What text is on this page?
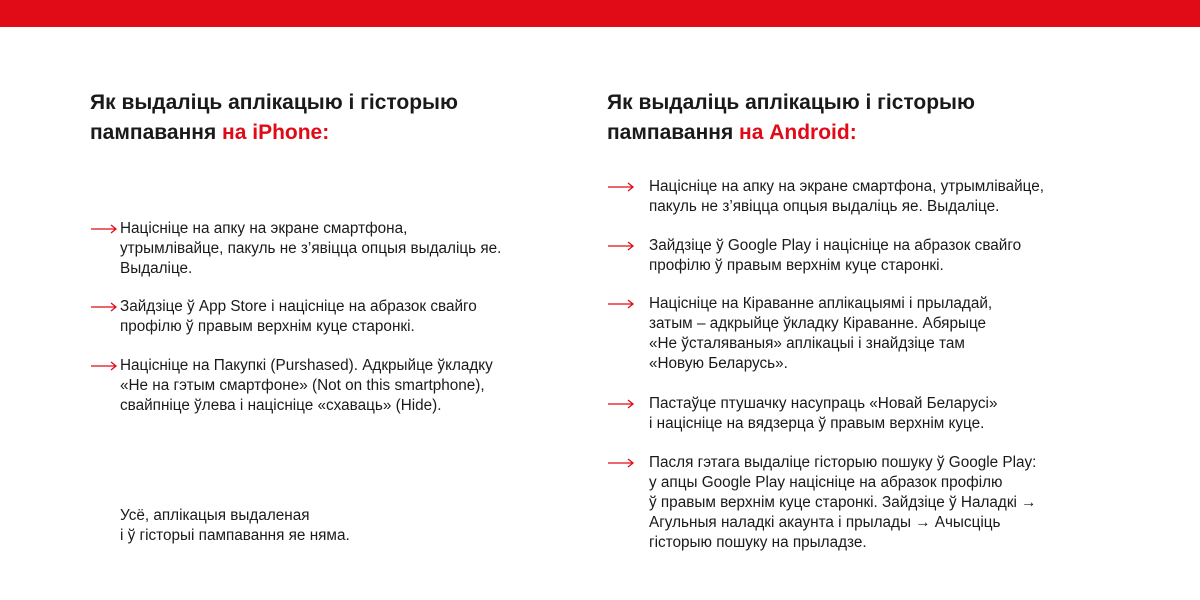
Як выдаліць аплікацыю і гісторыю
пампавання на iPhone:
Націсніце на апку на экране смартфона,
утрымлівайце, пакуль не з’явіцца опцыя выдаліць яе.
Выдаліце.
Зайдзіце ў App Store і націсніце на абразок свайго
профілю ў правым верхнім куце старонкі.
Націсніце на Пакупкі (Purshased). Адкрыйце ўкладку
«Не на гэтым смартфоне» (Not on this smartphone),
свайпніце ўлева і націсніце «схаваць» (Hide).
Усё, аплікацыя выдаленая
і ў гісторыі пампавання яе няма.
Як выдаліць аплікацыю і гісторыю
пампавання на Android:
Націсніце на апку на экране смартфона, утрымлівайце,
пакуль не з’явіцца опцыя выдаліць яе. Выдаліце.
Зайдзіце ў Google Play і націсніце на абразок свайго
профілю ў правым верхнім куце старонкі.
Націсніце на Кіраванне аплікацыямі і прыладай,
затым – адкрыйце ўкладку Кіраванне. Абярыце
«Не ўсталяваныя» аплікацыі і знайдзіце там
«Новую Беларусь».
Пастаўце птушачку насупраць «Новай Беларусі»
і націсніце на вядзерца ў правым верхнім куце.
Пасля гэтага выдаліце гісторыю пошуку ў Google Play:
у апцы Google Play націсніце на абразок профілю
ў правым верхнім куце старонкі. Зайдзіце ў Наладкі →
Агульныя наладкі акаунта і прылады → Ачысціць
гісторыю пошуку на прыладзе.
